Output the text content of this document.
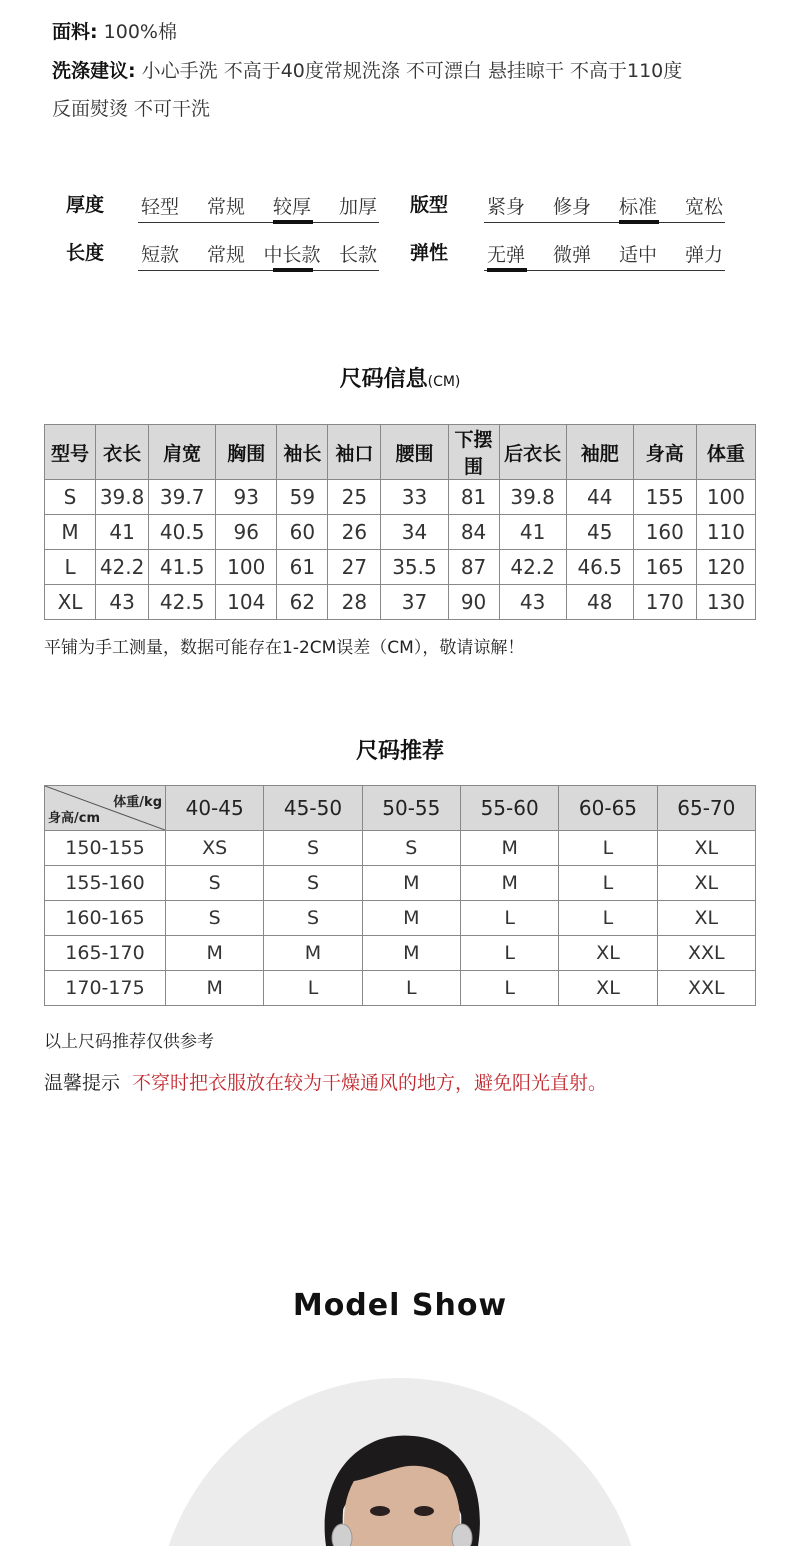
面料: 100%棉
洗涤建议: 小心手洗 不高于40度常规洗涤 不可漂白 悬挂晾干 不高于110度
反面熨烫 不可干洗
厚度	轻型	常规	较厚	加厚	版型	紧身	修身	标准	宽松
长度	短款	常规 中长款 长款	弹性	无弹	微弹	适中	弹力
尺码信息(CM)
型号	衣长	肩宽	胸围	袖长	袖口	腰围	下摆围	后衣长	袖肥	身高	体重
S	39.8	39.7	93	59	25	33	81	39.8	44	155	100
M	41	40.5	96	60	26	34	84	41	45	160	110
L	42.2	41.5	100	61	27	35.5	87	42.2	46.5	165	120
XL	43	42.5	104	62	28	37	90	43	48	170	130
平铺为手工测量，数据可能存在1-2CM误差（CM），敬请谅解！
尺码推荐
体重/kg
身高/cm	40-45	45-50	50-55	55-60	60-65	65-70
150-155	XS	S	S	M	L	XL
155-160	S	S	M	M	L	XL
160-165	S	S	M	L	L	XL
165-170	M	M	M	L	XL	XXL
170-175	M	L	L	L	XL	XXL
以上尺码推荐仅供参考
温馨提示 不穿时把衣服放在较为干燥通风的地方，避免阳光直射。
Model Show
